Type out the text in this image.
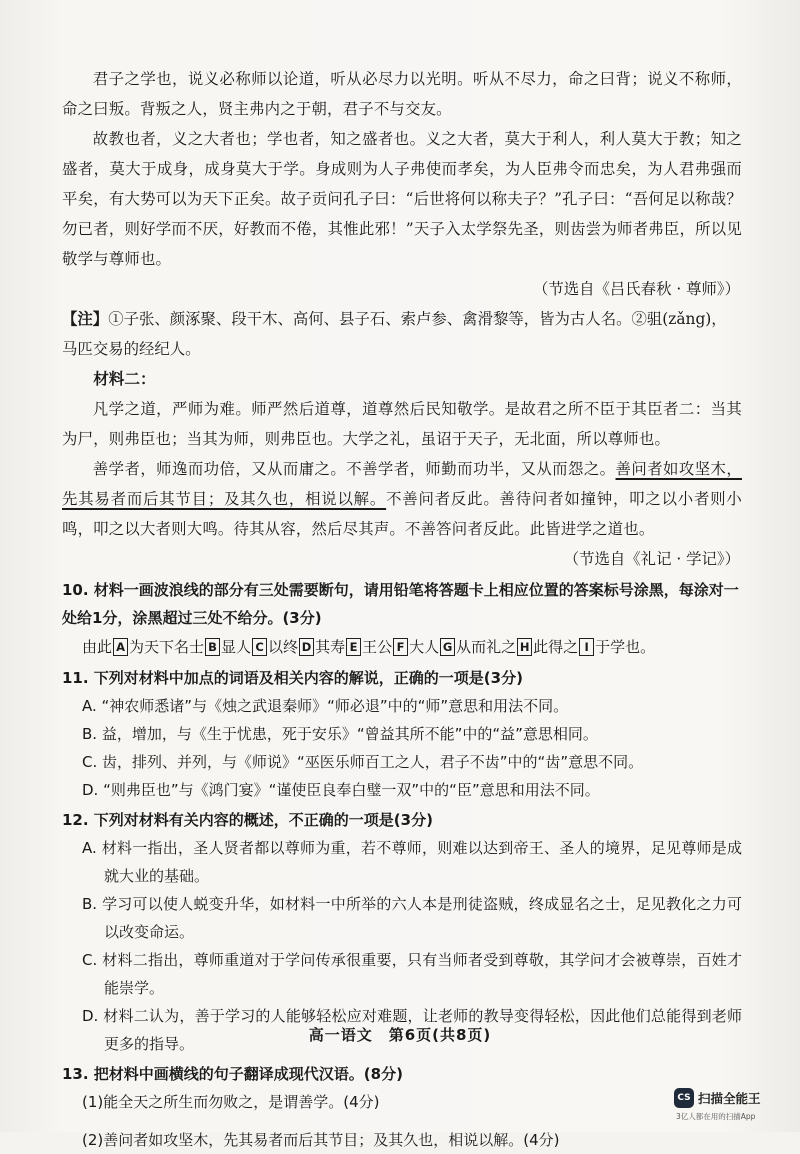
君子之学也，说义必称师以论道，听从必尽力以光明。听从不尽力，命之曰背；说义不称师，命之曰叛。背叛之人，贤主弗内之于朝，君子不与交友。

故教也者，义之大者也；学也者，知之盛者也。义之大者，莫大于利人，利人莫大于教；知之盛者，莫大于成身，成身莫大于学。身成则为人子弗使而孝矣，为人臣弗令而忠矣，为人君弗强而平矣，有大势可以为天下正矣。故子贡问孔子曰：“后世将何以称夫子？”孔子曰：“吾何足以称哉？勿已者，则好学而不厌，好教而不倦，其惟此邪！”天子入太学祭先圣，则齿尝为师者弗臣，所以见敬学与尊师也。

（节选自《吕氏春秋 · 尊师》）

【注】①子张、颜涿聚、段干木、高何、县子石、索卢参、禽滑黎等，皆为古人名。②驵(zǎng)，马匹交易的经纪人。

材料二：

凡学之道，严师为难。师严然后道尊，道尊然后民知敬学。是故君之所不臣于其臣者二：当其为尸，则弗臣也；当其为师，则弗臣也。大学之礼，虽诏于天子，无北面，所以尊师也。

善学者，师逸而功倍，又从而庸之。不善学者，师勤而功半，又从而怨之。善问者如攻坚木，先其易者而后其节目；及其久也，相说以解。不善问者反此。善待问者如撞钟，叩之以小者则小鸣，叩之以大者则大鸣。待其从容，然后尽其声。不善答问者反此。此皆进学之道也。

（节选自《礼记 · 学记》）

10. 材料一画波浪线的部分有三处需要断句，请用铅笔将答题卡上相应位置的答案标号涂黑，每涂对一处给1分，涂黑超过三处不给分。(3分)

由此 A 为天下名士 B 显人 C 以终 D 其寿 E 王公 F 大人 G 从而礼之 H 此得之 I 于学也。

11. 下列对材料中加点的词语及相关内容的解说，正确的一项是(3分)

A. “神农师悉诸”与《烛之武退秦师》“师必退”中的“师”意思和用法不同。

B. 益，增加，与《生于忧患，死于安乐》“曾益其所不能”中的“益”意思相同。

C. 齿，排列、并列，与《师说》“巫医乐师百工之人，君子不齿”中的“齿”意思不同。

D. “则弗臣也”与《鸿门宴》“谨使臣良奉白璧一双”中的“臣”意思和用法不同。

12. 下列对材料有关内容的概述，不正确的一项是(3分)

A. 材料一指出，圣人贤者都以尊师为重，若不尊师，则难以达到帝王、圣人的境界，足见尊师是成就大业的基础。

B. 学习可以使人蜕变升华，如材料一中所举的六人本是刑徒盗贼，终成显名之士，足见教化之力可以改变命运。

C. 材料二指出，尊师重道对于学问传承很重要，只有当师者受到尊敬，其学问才会被尊崇，百姓才能崇学。

D. 材料二认为，善于学习的人能够轻松应对难题，让老师的教导变得轻松，因此他们总能得到老师更多的指导。

13. 把材料中画横线的句子翻译成现代汉语。(8分)

(1)能全天之所生而勿败之，是谓善学。(4分)

(2)善问者如攻坚木，先其易者而后其节目；及其久也，相说以解。(4分)

高一语文　第6页(共8页)
CS 扫描全能王
3亿人都在用的扫描App
